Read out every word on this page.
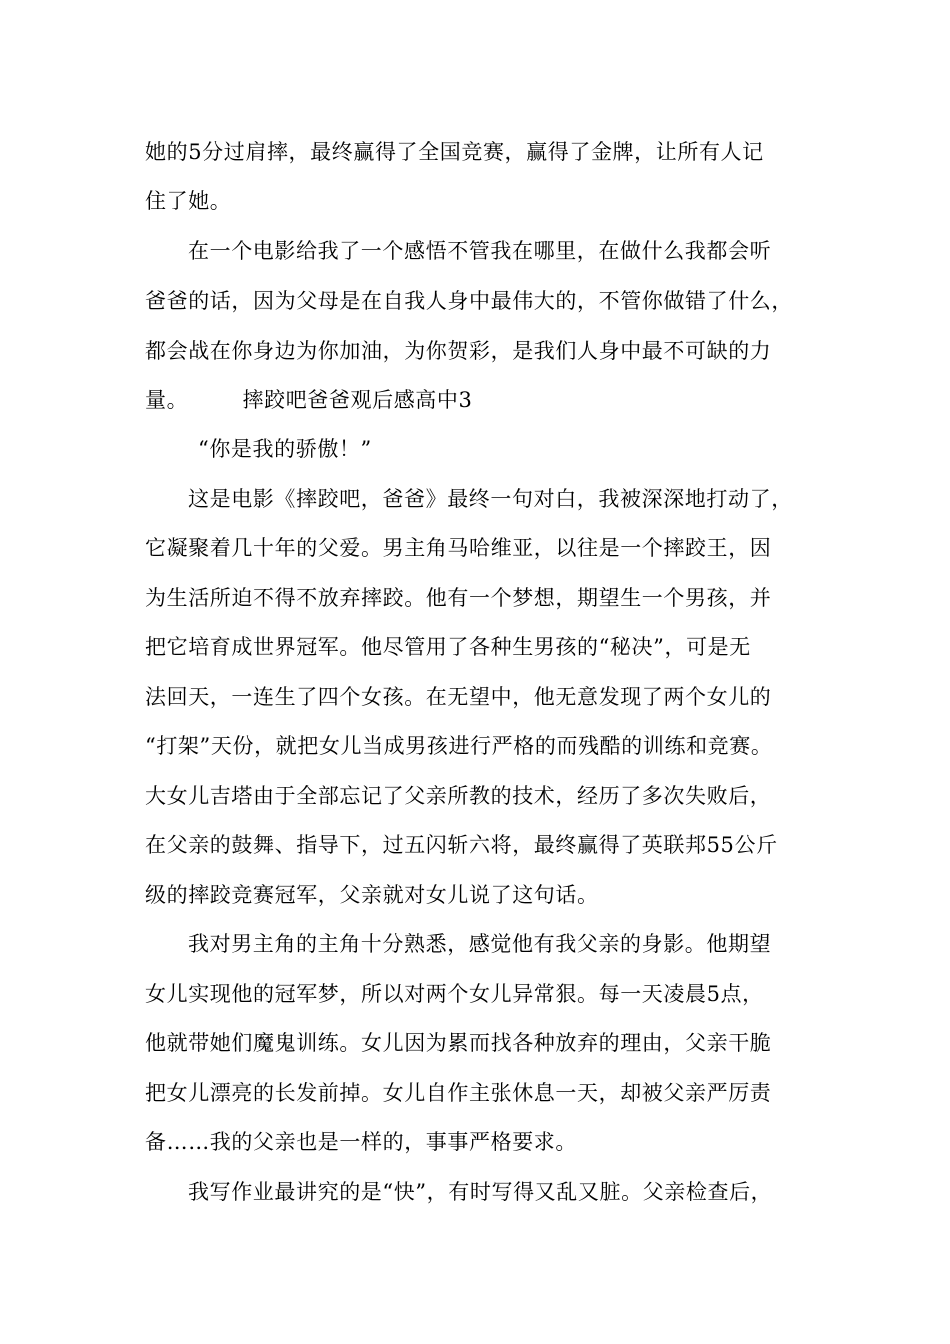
她的5分过肩摔，最终赢得了全国竞赛，赢得了金牌，让所有人记
住了她。
在一个电影给我了一个感悟不管我在哪里，在做什么我都会听
爸爸的话，因为父母是在自我人身中最伟大的，不管你做错了什么，
都会战在你身边为你加油，为你贺彩，是我们人身中最不可缺的力
量。　　　摔跤吧爸爸观后感高中3
“你是我的骄傲！”
这是电影《摔跤吧，爸爸》最终一句对白，我被深深地打动了，
它凝聚着几十年的父爱。男主角马哈维亚，以往是一个摔跤王，因
为生活所迫不得不放弃摔跤。他有一个梦想，期望生一个男孩，并
把它培育成世界冠军。他尽管用了各种生男孩的“秘决”，可是无
法回天，一连生了四个女孩。在无望中，他无意发现了两个女儿的
“打架”天份，就把女儿当成男孩进行严格的而残酷的训练和竞赛。
大女儿吉塔由于全部忘记了父亲所教的技术，经历了多次失败后，
在父亲的鼓舞、指导下，过五闪斩六将，最终赢得了英联邦55公斤
级的摔跤竞赛冠军，父亲就对女儿说了这句话。
我对男主角的主角十分熟悉，感觉他有我父亲的身影。他期望
女儿实现他的冠军梦，所以对两个女儿异常狠。每一天凌晨5点，
他就带她们魔鬼训练。女儿因为累而找各种放弃的理由，父亲干脆
把女儿漂亮的长发前掉。女儿自作主张休息一天，却被父亲严厉责
备……我的父亲也是一样的，事事严格要求。
我写作业最讲究的是“快”，有时写得又乱又脏。父亲检查后，
